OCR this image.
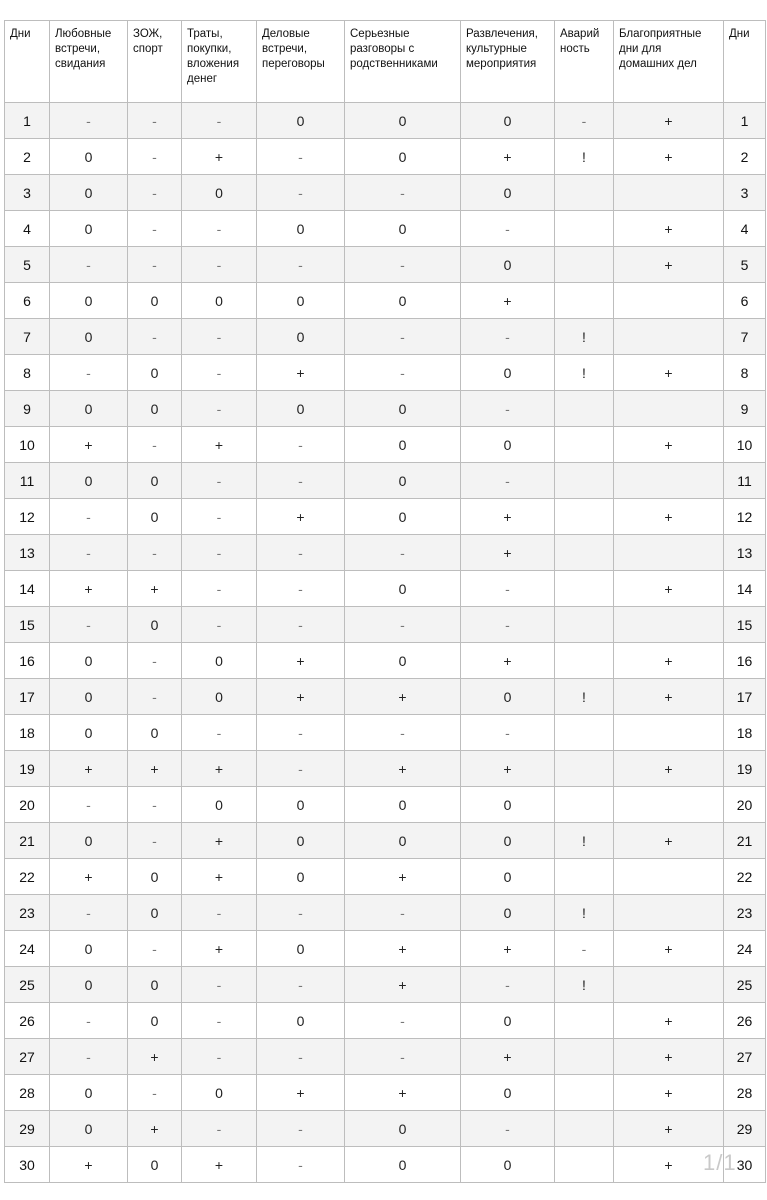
Дни	Любовные встречи, свидания	ЗОЖ, спорт	Траты, покупки, вложения денег	Деловые встречи, переговоры	Серьезные разговоры с родственниками	Развлечения, культурные мероприятия	Аварий ность	Благоприятные дни для домашних дел	Дни
1	-	-	-	0	0	0	-	+	1
2	0	-	+	-	0	+	!	+	2
3	0	-	0	-	-	0			3
4	0	-	-	0	0	-		+	4
5	-	-	-	-	-	0		+	5
6	0	0	0	0	0	+			6
7	0	-	-	0	-	-	!		7
8	-	0	-	+	-	0	!	+	8
9	0	0	-	0	0	-			9
10	+	-	+	-	0	0		+	10
11	0	0	-	-	0	-			11
12	-	0	-	+	0	+		+	12
13	-	-	-	-	-	+			13
14	+	+	-	-	0	-		+	14
15	-	0	-	-	-	-			15
16	0	-	0	+	0	+		+	16
17	0	-	0	+	+	0	!	+	17
18	0	0	-	-	-	-			18
19	+	+	+	-	+	+		+	19
20	-	-	0	0	0	0			20
21	0	-	+	0	0	0	!	+	21
22	+	0	+	0	+	0			22
23	-	0	-	-	-	0	!		23
24	0	-	+	0	+	+	-	+	24
25	0	0	-	-	+	-	!		25
26	-	0	-	0	-	0		+	26
27	-	+	-	-	-	+		+	27
28	0	-	0	+	+	0		+	28
29	0	+	-	-	0	-		+	29
30	+	0	+	-	0	0		+	30
1/1
